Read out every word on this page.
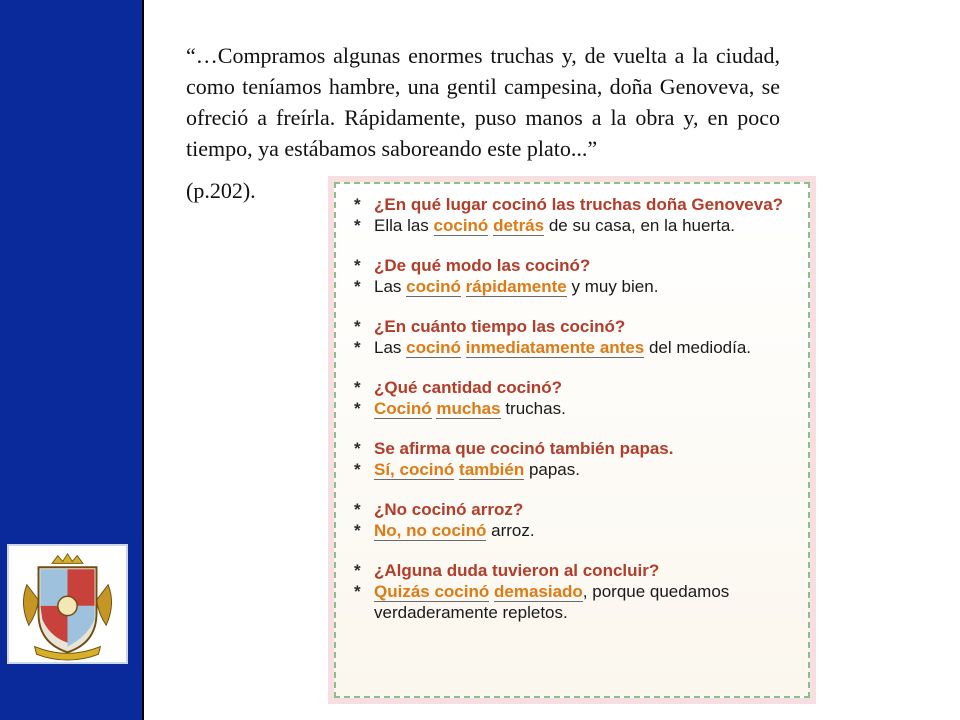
“…Compramos algunas enormes truchas y, de vuelta a la ciudad, como teníamos hambre, una gentil campesina, doña Genoveva, se ofreció a freírla. Rápidamente, puso manos a la obra y, en poco tiempo, ya estábamos saboreando este plato...”

(p.202).

* ¿En qué lugar cocinó las truchas doña Genoveva?
* Ella las cocinó detrás de su casa, en la huerta.
* ¿De qué modo las cocinó?
* Las cocinó rápidamente y muy bien.
* ¿En cuánto tiempo las cocinó?
* Las cocinó inmediatamente antes del mediodía.
* ¿Qué cantidad cocinó?
* Cocinó muchas truchas.
* Se afirma que cocinó también papas.
* Sí, cocinó también papas.
* ¿No cocinó arroz?
* No, no cocinó arroz.
* ¿Alguna duda tuvieron al concluir?
* Quizás cocinó demasiado, porque quedamos verdaderamente repletos.
